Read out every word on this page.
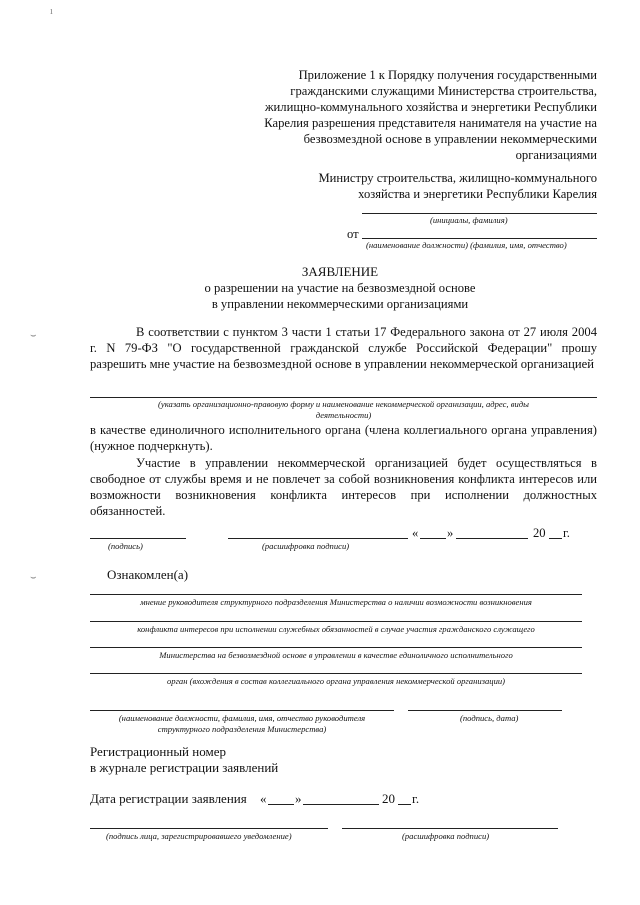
ı
⌣
⌣
Приложение 1 к Порядку получения государственными
гражданскими служащими Министерства строительства,
жилищно-коммунального хозяйства и энергетики Республики
Карелия разрешения представителя нанимателя на участие на
безвозмездной основе в управлении некоммерческими
организациями
Министру строительства, жилищно-коммунального
хозяйства и энергетики Республики Карелия
(инициалы, фамилия)
от
(наименование должности) (фамилия, имя, отчество)
ЗАЯВЛЕНИЕ
о разрешении на участие на безвозмездной основе
в управлении некоммерческими организациями
В соответствии с пунктом 3 части 1 статьи 17 Федерального закона от 27 июля 2004 г. N 79-ФЗ "О государственной гражданской службе Российской Федерации" прошу разрешить мне участие на безвозмездной основе в управлении некоммерческой организацией
(указать организационно-правовую форму и наименование некоммерческой организации, адрес, виды
деятельности)
в качестве единоличного исполнительного органа (члена коллегиального органа управления) (нужное подчеркнуть).
Участие в управлении некоммерческой организацией будет осуществляться в свободное от службы время и не повлечет за собой возникновения конфликта интересов или возможности возникновения конфликта интересов при исполнении должностных обязанностей.
« »	20 г.
(подпись)	(расшифровка подписи)
Ознакомлен(а)
мнение руководителя структурного подразделения Министерства о наличии возможности возникновения
конфликта интересов при исполнении служебных обязанностей в случае участия гражданского служащего
Министерства на безвозмездной основе в управлении в качестве единоличного исполнительного
орган (вхождения в состав коллегиального органа управления некоммерческой организации)
(наименование должности, фамилия, имя, отчество руководителя
структурного подразделения Министерства)
(подпись, дата)
Регистрационный номер
в журнале регистрации заявлений
Дата регистрации заявления « »	20 г.
(подпись лица, зарегистрировавшего уведомление)	(расшифровка подписи)
